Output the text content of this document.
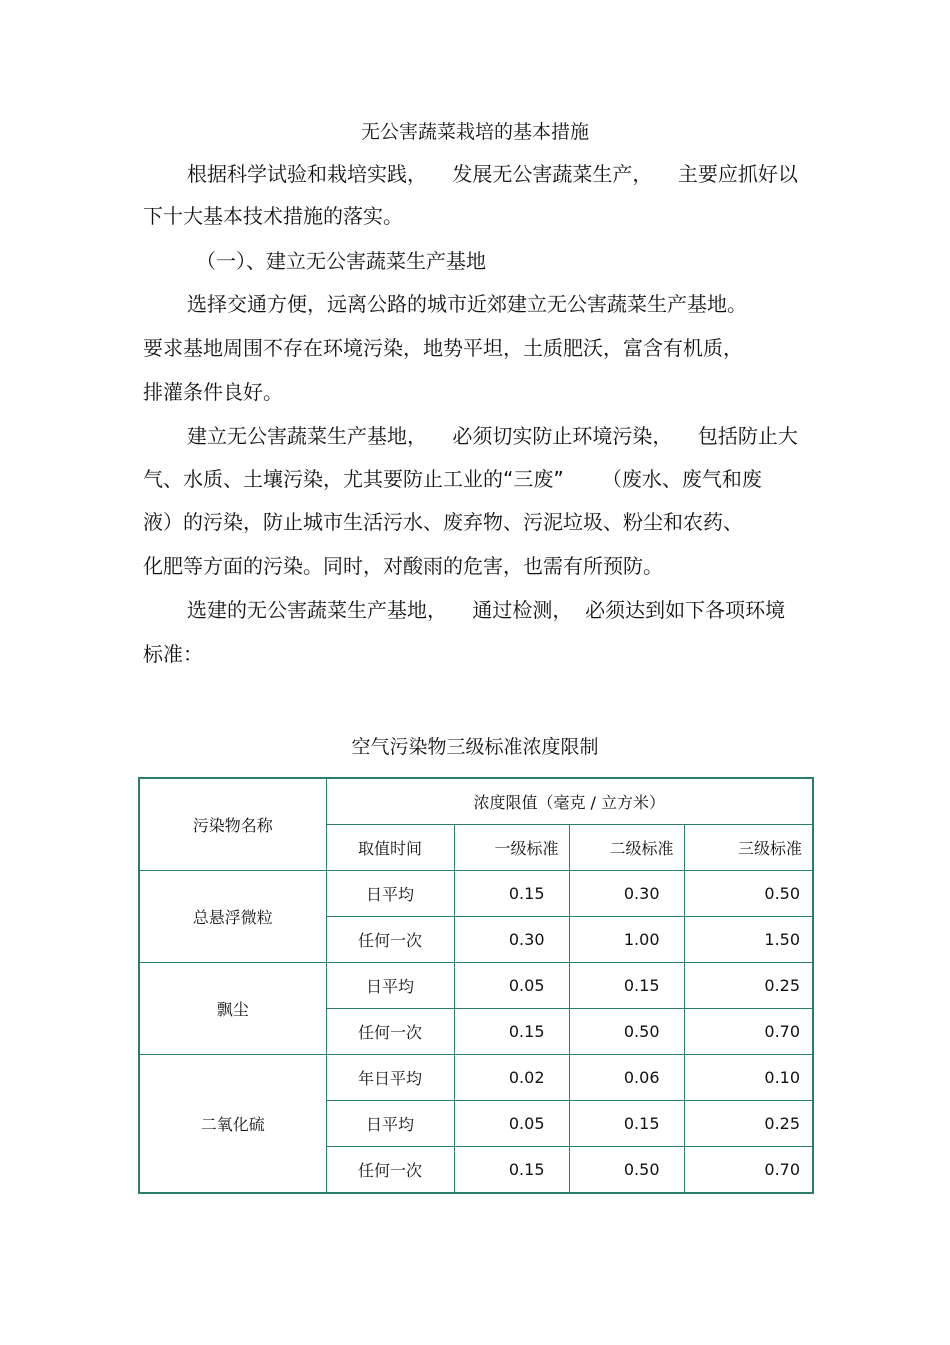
无公害蔬菜栽培的基本措施
根据科学试验和栽培实践，    发展无公害蔬菜生产，    主要应抓好以
下十大基本技术措施的落实。
（一）、建立无公害蔬菜生产基地
选择交通方便，远离公路的城市近郊建立无公害蔬菜生产基地。
要求基地周围不存在环境污染，地势平坦，土质肥沃，富含有机质，
排灌条件良好。
建立无公害蔬菜生产基地，    必须切实防止环境污染，    包括防止大
气、水质、土壤污染，尤其要防止工业的“三废”      （废水、废气和废
液）的污染，防止城市生活污水、废弃物、污泥垃圾、粉尘和农药、
化肥等方面的污染。同时，对酸雨的危害，也需有所预防。
选建的无公害蔬菜生产基地，    通过检测，  必须达到如下各项环境
标准：
空气污染物三级标准浓度限制
污染物名称	浓度限值（毫克 / 立方米）			
	取值时间	一级标准	二级标准	三级标准
总悬浮微粒	日平均	0.15	0.30	0.50
	任何一次	0.30	1.00	1.50
飘尘	日平均	0.05	0.15	0.25
	任何一次	0.15	0.50	0.70
二氧化硫	年日平均	0.02	0.06	0.10
	日平均	0.05	0.15	0.25
	任何一次	0.15	0.50	0.70
